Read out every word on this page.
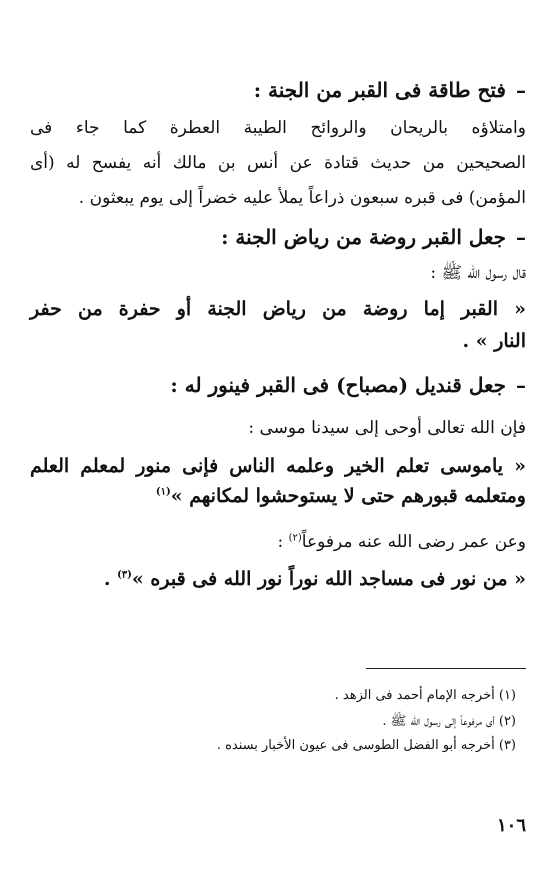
–فتح طاقة فى القبر من الجنة :
وامتلاؤه بالريحان والروائح الطيبة العطرة كما جاء فى
الصحيحين من حديث قتادة عن أنس بن مالك أنه يفسح له (أى
المؤمن) فى قبره سبعون ذراعاً يملأ عليه خضراً إلى يوم يبعثون .
–جعل القبر روضة من رياض الجنة :
قال رسول الله ﷺ :
« القبر إما روضة من رياض الجنة أو حفرة من حفر
النار » .
–جعل قنديل (مصباح) فى القبر فينور له :
فإن الله تعالى أوحى إلى سيدنا موسى :
« ياموسى تعلم الخير وعلمه الناس فإنى منور لمعلم العلم
ومتعلمه قبورهم حتى لا يستوحشوا لمكانهم »$^{(١)}$
وعن عمر رضى الله عنه مرفوعاً$^{(٢)}$ :
« من نور فى مساجد الله نوراً نور الله فى قبره »$^{(٣)}$ .
(١) أخرجه الإمام أحمد فى الزهد .
(٢) أى مرفوعاً إلى رسول الله ﷺ .
(٣) أخرجه أبو الفضل الطوسى فى عيون الأخبار بسنده .
١٠٦
